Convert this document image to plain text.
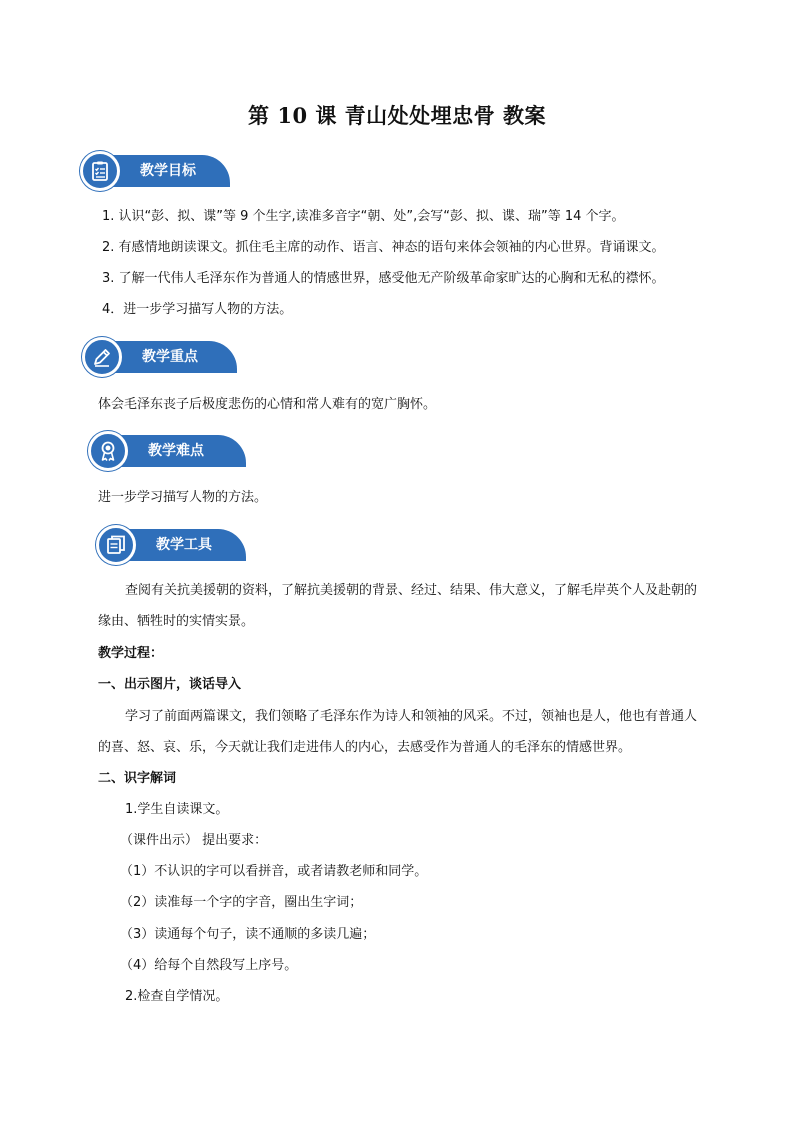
第 10 课 青山处处埋忠骨 教案
教学目标
1. 认识“彭、拟、谍”等 9 个生字,读准多音字“朝、处”,会写“彭、拟、谍、瑞”等 14 个字。
2. 有感情地朗读课文。抓住毛主席的动作、语言、神态的语句来体会领袖的内心世界。背诵课文。
3. 了解一代伟人毛泽东作为普通人的情感世界，感受他无产阶级革命家旷达的心胸和无私的襟怀。
4．进一步学习描写人物的方法。
教学重点
体会毛泽东丧子后极度悲伤的心情和常人难有的宽广胸怀。
教学难点
进一步学习描写人物的方法。
教学工具
查阅有关抗美援朝的资料，了解抗美援朝的背景、经过、结果、伟大意义，了解毛岸英个人及赴朝的
缘由、牺牲时的实情实景。
教学过程：
一、出示图片，谈话导入
学习了前面两篇课文，我们领略了毛泽东作为诗人和领袖的风采。不过，领袖也是人，他也有普通人
的喜、怒、哀、乐，今天就让我们走进伟人的内心，去感受作为普通人的毛泽东的情感世界。
二、识字解词
1.学生自读课文。
（课件出示） 提出要求：
（1）不认识的字可以看拼音，或者请教老师和同学。
（2）读准每一个字的字音，圈出生字词；
（3）读通每个句子，读不通顺的多读几遍；
（4）给每个自然段写上序号。
2.检查自学情况。
